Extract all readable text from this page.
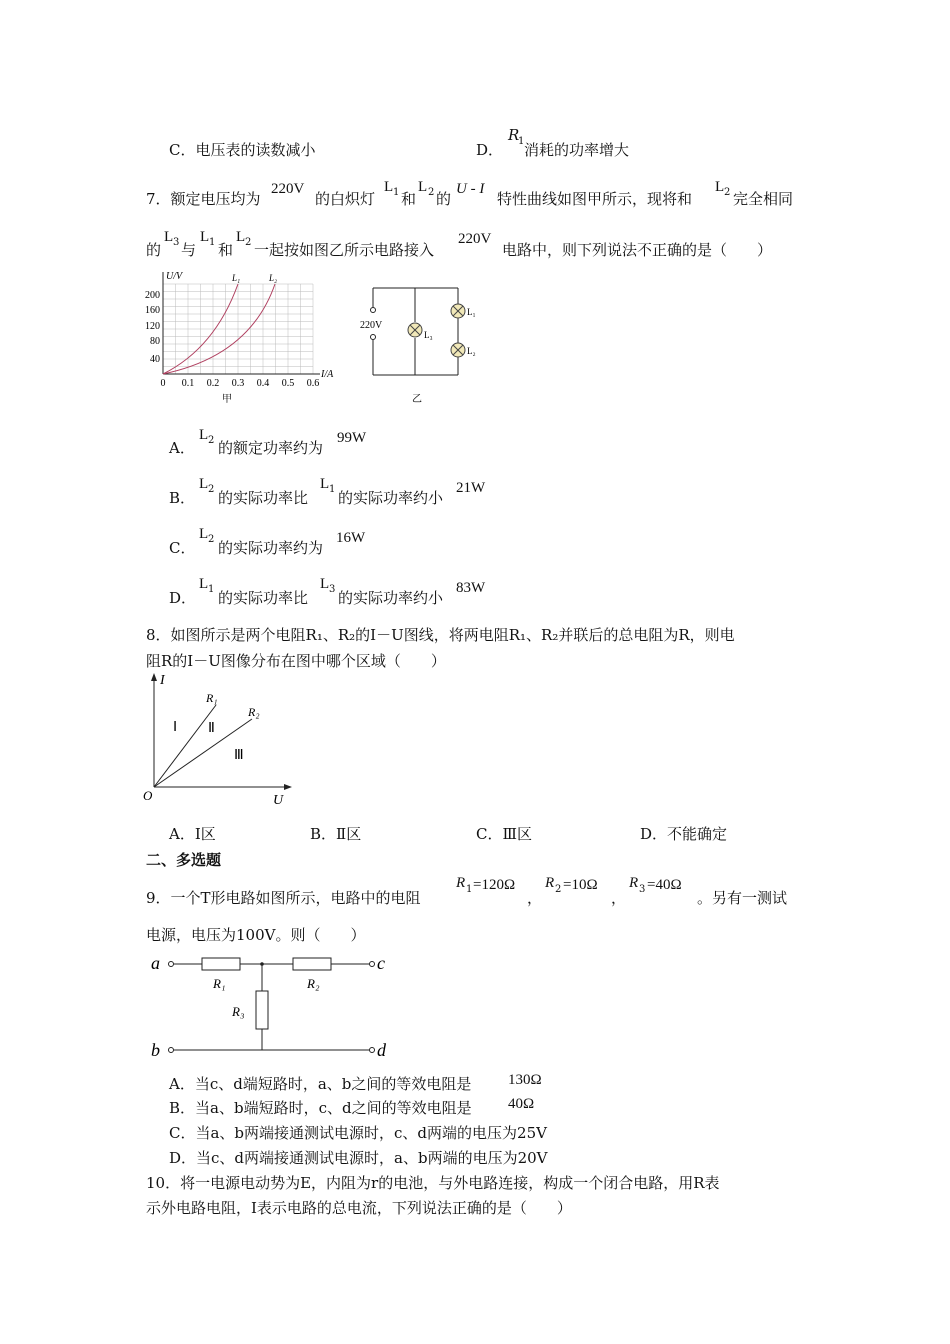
C．电压表的读数减小	D．
R
1 消耗的功率增大
7．额定电压均为
220V
的白炽灯
L 1 和
L 2 的
U - I
特性曲线如图甲所示，现将和
L 2 完全相同
的
L 3 与
L 1 和
L 2 一起按如图乙所示电路接入
220V
电路中，则下列说法不正确的是（　　）
U/V
I/A
L₁	L₂
200
160
120
80
40
0 0.1 0.2 0.3 0.4 0.5 0.6
甲
220V
L₃
L₁
L₂
乙
A．
L 2 的额定功率约为
99W
B．
L 2 的实际功率比
L 1 的实际功率约小
21W
C．
L 2 的实际功率约为
16W
D．
L 1 的实际功率比
L 3 的实际功率约小
83W
8．如图所示是两个电阻R₁、R₂的I－U图线，将两电阻R₁、R₂并联后的总电阻为R，则电
阻R的I－U图像分布在图中哪个区域（　　）
I
U
O
R₁
R₂
Ⅰ Ⅱ
Ⅲ
A．Ⅰ区	B．Ⅱ区	C．Ⅲ区	D．不能确定
二、多选题
9．一个T形电路如图所示，电路中的电阻
R 1 =120Ω
，
R 2 =10Ω
，
R 3 =40Ω
。另有一测试
电源，电压为100V。则（　　）
a
b
c
d
R₁	R₂
R₃
A．当c、d端短路时，a、b之间的等效电阻是 130Ω
B．当a、b端短路时，c、d之间的等效电阻是 40Ω
C．当a、b两端接通测试电源时，c、d两端的电压为25V
D．当c、d两端接通测试电源时，a、b两端的电压为20V
10．将一电源电动势为E，内阻为r的电池，与外电路连接，构成一个闭合电路，用R表
示外电路电阻，I表示电路的总电流，下列说法正确的是（　　）
